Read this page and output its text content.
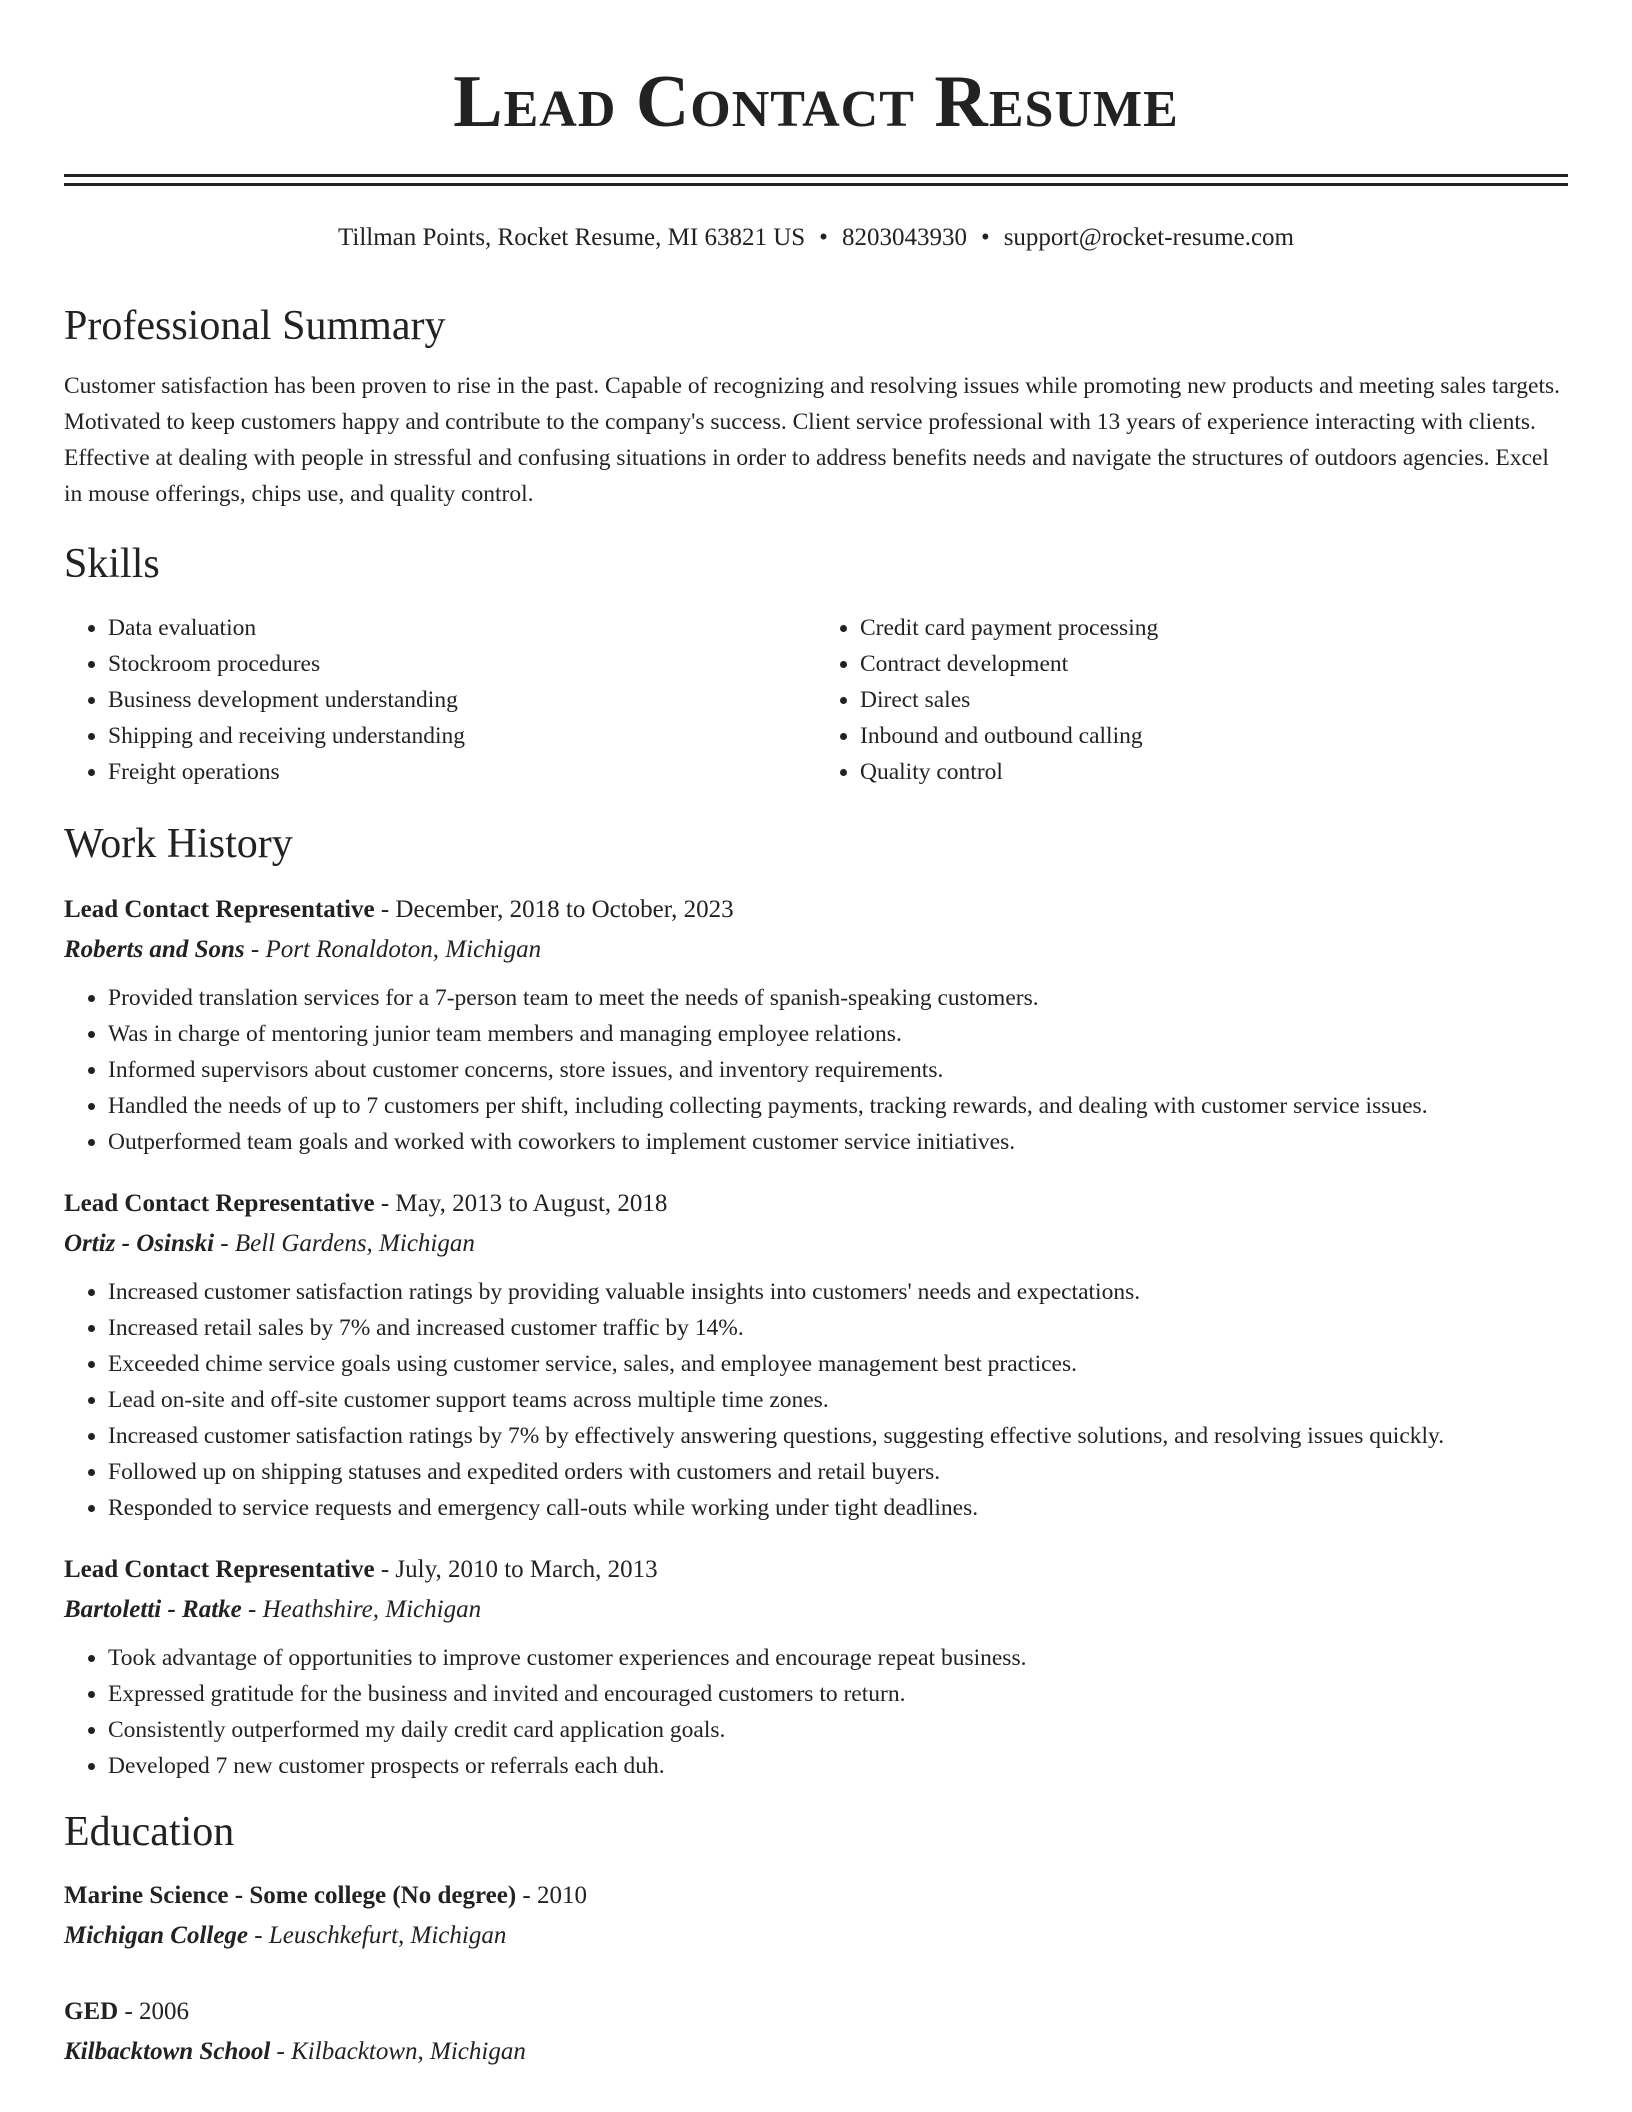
Lead Contact Resume
Tillman Points, Rocket Resume, MI 63821 US • 8203043930 • support@rocket-resume.com
Professional Summary
Customer satisfaction has been proven to rise in the past. Capable of recognizing and resolving issues while promoting new products and meeting sales targets. Motivated to keep customers happy and contribute to the company's success. Client service professional with 13 years of experience interacting with clients. Effective at dealing with people in stressful and confusing situations in order to address benefits needs and navigate the structures of outdoors agencies. Excel in mouse offerings, chips use, and quality control.
Skills
• Data evaluation
• Stockroom procedures
• Business development understanding
• Shipping and receiving understanding
• Freight operations
• Credit card payment processing
• Contract development
• Direct sales
• Inbound and outbound calling
• Quality control
Work History
Lead Contact Representative - December, 2018 to October, 2023
Roberts and Sons - Port Ronaldoton, Michigan
• Provided translation services for a 7-person team to meet the needs of spanish-speaking customers.
• Was in charge of mentoring junior team members and managing employee relations.
• Informed supervisors about customer concerns, store issues, and inventory requirements.
• Handled the needs of up to 7 customers per shift, including collecting payments, tracking rewards, and dealing with customer service issues.
• Outperformed team goals and worked with coworkers to implement customer service initiatives.
Lead Contact Representative - May, 2013 to August, 2018
Ortiz - Osinski - Bell Gardens, Michigan
• Increased customer satisfaction ratings by providing valuable insights into customers' needs and expectations.
• Increased retail sales by 7% and increased customer traffic by 14%.
• Exceeded chime service goals using customer service, sales, and employee management best practices.
• Lead on-site and off-site customer support teams across multiple time zones.
• Increased customer satisfaction ratings by 7% by effectively answering questions, suggesting effective solutions, and resolving issues quickly.
• Followed up on shipping statuses and expedited orders with customers and retail buyers.
• Responded to service requests and emergency call-outs while working under tight deadlines.
Lead Contact Representative - July, 2010 to March, 2013
Bartoletti - Ratke - Heathshire, Michigan
• Took advantage of opportunities to improve customer experiences and encourage repeat business.
• Expressed gratitude for the business and invited and encouraged customers to return.
• Consistently outperformed my daily credit card application goals.
• Developed 7 new customer prospects or referrals each duh.
Education
Marine Science - Some college (No degree) - 2010
Michigan College - Leuschkefurt, Michigan
GED - 2006
Kilbacktown School - Kilbacktown, Michigan
